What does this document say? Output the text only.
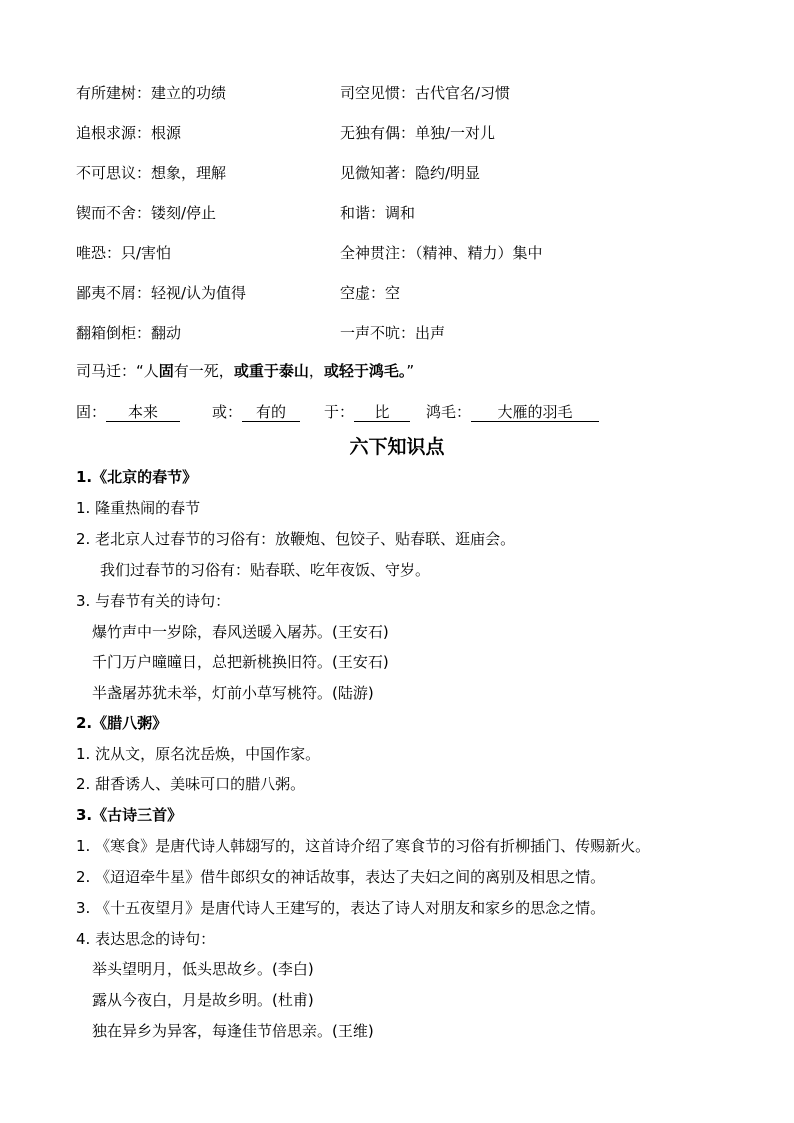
有所建树：建立的功绩	司空见惯：古代官名/习惯
追根求源：根源	无独有偶：单独/一对儿
不可思议：想象，理解	见微知著：隐约/明显
锲而不舍：镂刻/停止	和谐：调和
唯恐：只/害怕	全神贯注：（精神、精力）集中
鄙夷不屑：轻视/认为值得	空虚：空
翻箱倒柜：翻动	一声不吭：出声
司马迁：“人固有一死，或重于泰山，或轻于鸿毛。”
固： 本来	或： 有的	于： 比 鸿毛： 大雁的羽毛
六下知识点
1.《北京的春节》
1. 隆重热闹的春节
2. 老北京人过春节的习俗有：放鞭炮、包饺子、贴春联、逛庙会。
我们过春节的习俗有：贴春联、吃年夜饭、守岁。
3. 与春节有关的诗句：
爆竹声中一岁除，春风送暖入屠苏。(王安石)
千门万户曈曈日，总把新桃换旧符。(王安石)
半盏屠苏犹未举，灯前小草写桃符。(陆游)
2.《腊八粥》
1. 沈从文，原名沈岳焕，中国作家。
2. 甜香诱人、美味可口的腊八粥。
3.《古诗三首》
1. 《寒食》是唐代诗人韩翃写的，这首诗介绍了寒食节的习俗有折柳插门、传赐新火。
2. 《迢迢牵牛星》借牛郎织女的神话故事，表达了夫妇之间的离别及相思之情。
3. 《十五夜望月》是唐代诗人王建写的，表达了诗人对朋友和家乡的思念之情。
4. 表达思念的诗句：
举头望明月，低头思故乡。(李白)
露从今夜白，月是故乡明。(杜甫)
独在异乡为异客，每逢佳节倍思亲。(王维)
